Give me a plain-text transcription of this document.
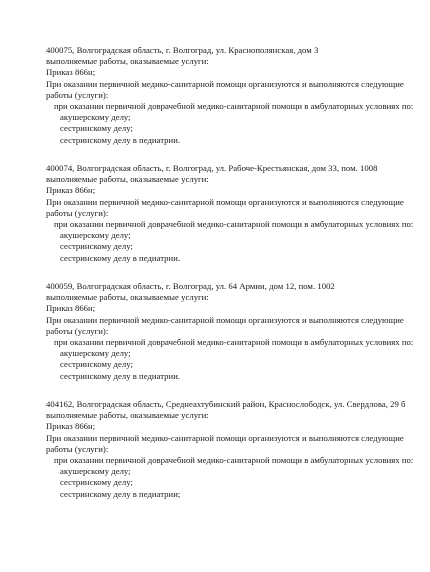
400075, Волгоградская область, г. Волгоград, ул. Краснополянская, дом 3
выполняемые работы, оказываемые услуги:
Приказ 866н;
При оказании первичной медико-санитарной помощи организуются и выполняются следующие работы (услуги):
при оказании первичной доврачебной медико-санитарной помощи в амбулаторных условиях по:
акушерскому делу;
сестринскому делу;
сестринскому делу в педиатрии.
400074, Волгоградская область, г. Волгоград, ул. Рабоче-Крестьянская, дом 33, пом. 1008
выполняемые работы, оказываемые услуги:
Приказ 866н;
При оказании первичной медико-санитарной помощи организуются и выполняются следующие работы (услуги):
при оказании первичной доврачебной медико-санитарной помощи в амбулаторных условиях по:
акушерскому делу;
сестринскому делу;
сестринскому делу в педиатрии.
400059, Волгоградская область, г. Волгоград, ул. 64 Армии, дом 12, пом. 1002
выполняемые работы, оказываемые услуги:
Приказ 866н;
При оказании первичной медико-санитарной помощи организуются и выполняются следующие работы (услуги):
при оказании первичной доврачебной медико-санитарной помощи в амбулаторных условиях по:
акушерскому делу;
сестринскому делу;
сестринскому делу в педиатрии.
404162, Волгоградская область, Среднеахтубинский район, Краснослободск, ул. Свердлова, 29 б
выполняемые работы, оказываемые услуги:
Приказ 866н;
При оказании первичной медико-санитарной помощи организуются и выполняются следующие работы (услуги):
при оказании первичной доврачебной медико-санитарной помощи в амбулаторных условиях по:
акушерскому делу;
сестринскому делу;
сестринскому делу в педиатрии;
